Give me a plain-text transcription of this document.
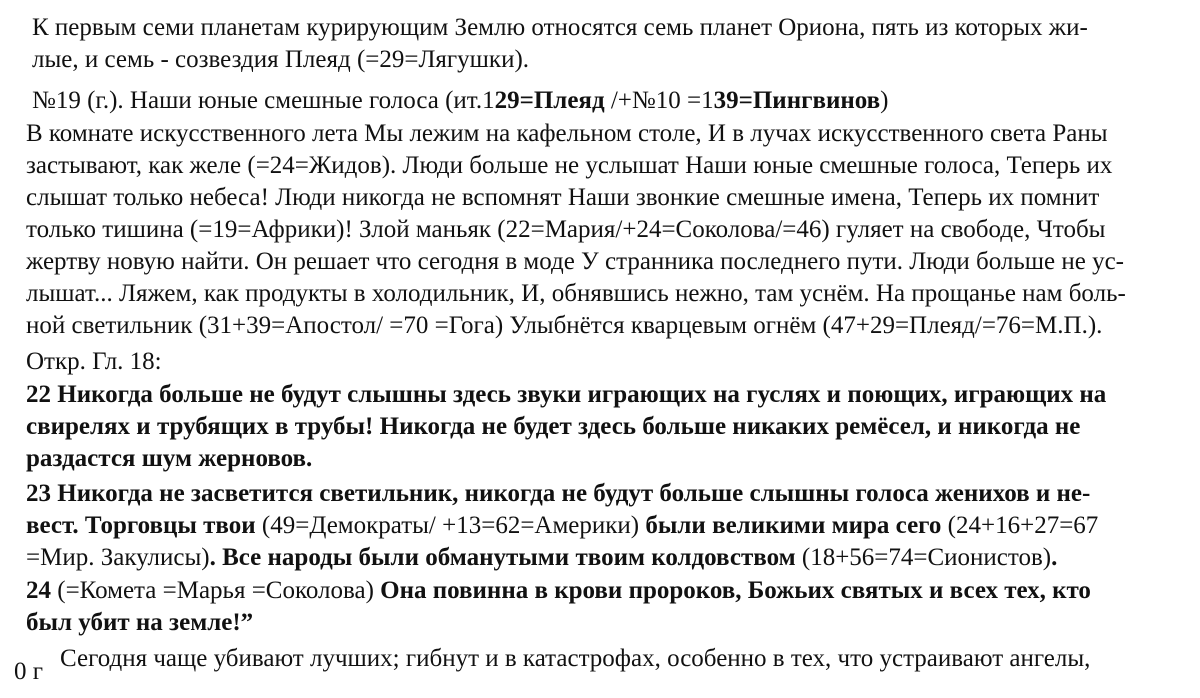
К первым семи планетам курирующим Землю относятся семь планет Ориона, пять из которых жи-
лые, и семь - созвездия Плеяд (=29=Лягушки).

№19 (г.). Наши юные смешные голоса (ит.129=Плеяд /+№10 =139=Пингвинов)

В комнате искусственного лета Мы лежим на кафельном столе, И в лучах искусственного света Раны
застывают, как желе (=24=Жидов). Люди больше не услышат Наши юные смешные голоса, Теперь их
слышат только небеса! Люди никогда не вспомнят Наши звонкие смешные имена, Теперь их помнит
только тишина (=19=Африки)! Злой маньяк (22=Мария/+24=Соколова/=46) гуляет на свободе, Чтобы
жертву новую найти. Он решает что сегодня в моде У странника последнего пути. Люди больше не ус-
лышат... Ляжем, как продукты в холодильник, И, обнявшись нежно, там уснём. На прощанье нам боль-
ной светильник (31+39=Апостол/ =70 =Гога) Улыбнётся кварцевым огнём (47+29=Плеяд/=76=М.П.).

Откр. Гл. 18:

22 Никогда больше не будут слышны здесь звуки играющих на гуслях и поющих, играющих на
свирелях и трубящих в трубы! Никогда не будет здесь больше никаких ремёсел, и никогда не
раздастся шум жерновов.

23 Никогда не засветится светильник, никогда не будут больше слышны голоса женихов и не-
вест. Торговцы твои (49=Демократы/ +13=62=Америки) были великими мира сего (24+16+27=67
=Мир. Закулисы). Все народы были обманутыми твоим колдовством (18+56=74=Сионистов).

24 (=Комета =Марья =Соколова) Она повинна в крови пророков, Божьих святых и всех тех, кто
был убит на земле!”

Сегодня чаще убивают лучших; гибнут и в катастрофах, особенно в тех, что устраивают ангелы,

0 г
